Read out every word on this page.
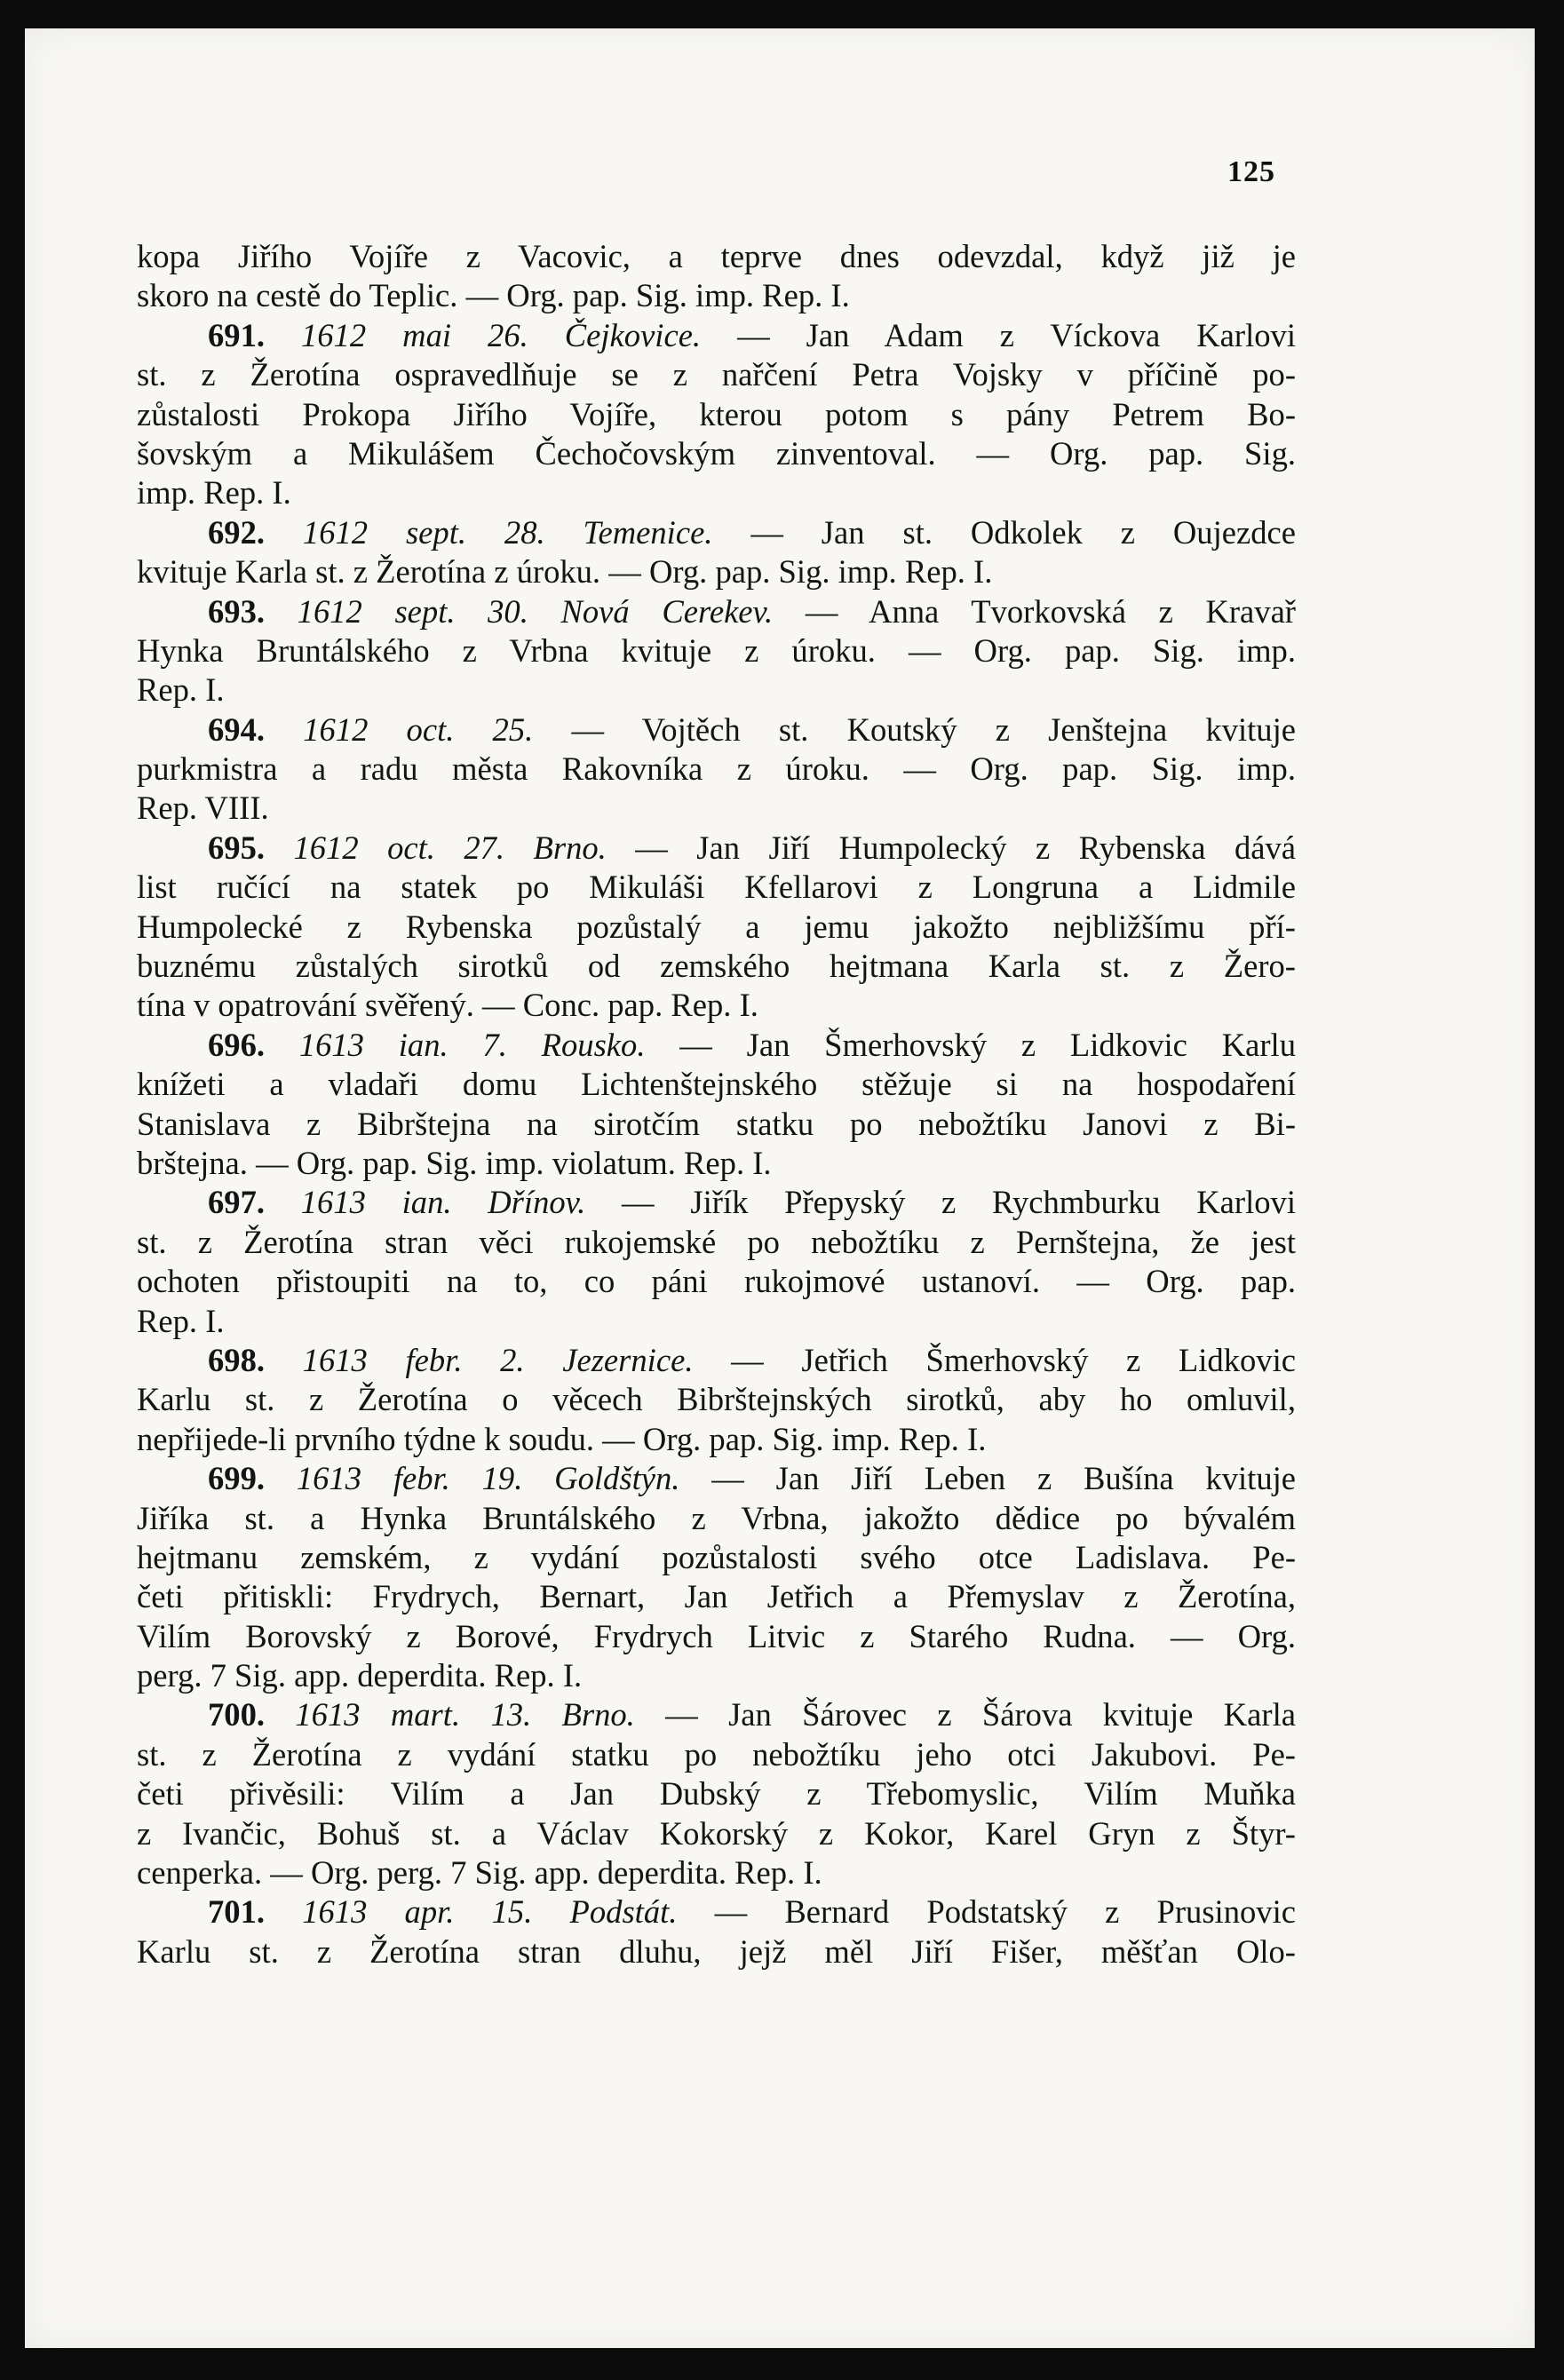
125
kopa Jiřího Vojíře z Vacovic, a teprve dnes odevzdal, když již je
skoro na cestě do Teplic. — Org. pap. Sig. imp. Rep. I.
691. 1612 mai 26. Čejkovice. — Jan Adam z Víckova Karlovi
st. z Žerotína ospravedlňuje se z nařčení Petra Vojsky v příčině po-
zůstalosti Prokopa Jiřího Vojíře, kterou potom s pány Petrem Bo-
šovským a Mikulášem Čechočovským zinventoval. — Org. pap. Sig.
imp. Rep. I.
692. 1612 sept. 28. Temenice. — Jan st. Odkolek z Oujezdce
kvituje Karla st. z Žerotína z úroku. — Org. pap. Sig. imp. Rep. I.
693. 1612 sept. 30. Nová Cerekev. — Anna Tvorkovská z Kravař
Hynka Bruntálského z Vrbna kvituje z úroku. — Org. pap. Sig. imp.
Rep. I.
694. 1612 oct. 25. — Vojtěch st. Koutský z Jenštejna kvituje
purkmistra a radu města Rakovníka z úroku. — Org. pap. Sig. imp.
Rep. VIII.
695. 1612 oct. 27. Brno. — Jan Jiří Humpolecký z Rybenska dává
list ručící na statek po Mikuláši Kfellarovi z Longruna a Lidmile
Humpolecké z Rybenska pozůstalý a jemu jakožto nejbližšímu pří-
buznému zůstalých sirotků od zemského hejtmana Karla st. z Žero-
tína v opatrování svěřený. — Conc. pap. Rep. I.
696. 1613 ian. 7. Rousko. — Jan Šmerhovský z Lidkovic Karlu
knížeti a vladaři domu Lichtenštejnského stěžuje si na hospodaření
Stanislava z Bibrštejna na sirotčím statku po nebožtíku Janovi z Bi-
brštejna. — Org. pap. Sig. imp. violatum. Rep. I.
697. 1613 ian. Dřínov. — Jiřík Přepyský z Rychmburku Karlovi
st. z Žerotína stran věci rukojemské po nebožtíku z Pernštejna, že jest
ochoten přistoupiti na to, co páni rukojmové ustanoví. — Org. pap.
Rep. I.
698. 1613 febr. 2. Jezernice. — Jetřich Šmerhovský z Lidkovic
Karlu st. z Žerotína o věcech Bibrštejnských sirotků, aby ho omluvil,
nepřijede-li prvního týdne k soudu. — Org. pap. Sig. imp. Rep. I.
699. 1613 febr. 19. Goldštýn. — Jan Jiří Leben z Bušína kvituje
Jiříka st. a Hynka Bruntálského z Vrbna, jakožto dědice po bývalém
hejtmanu zemském, z vydání pozůstalosti svého otce Ladislava. Pe-
četi přitiskli: Frydrych, Bernart, Jan Jetřich a Přemyslav z Žerotína,
Vilím Borovský z Borové, Frydrych Litvic z Starého Rudna. — Org.
perg. 7 Sig. app. deperdita. Rep. I.
700. 1613 mart. 13. Brno. — Jan Šárovec z Šárova kvituje Karla
st. z Žerotína z vydání statku po nebožtíku jeho otci Jakubovi. Pe-
četi přivěsili: Vilím a Jan Dubský z Třebomyslic, Vilím Muňka
z Ivančic, Bohuš st. a Václav Kokorský z Kokor, Karel Gryn z Štyr-
cenperka. — Org. perg. 7 Sig. app. deperdita. Rep. I.
701. 1613 apr. 15. Podstát. — Bernard Podstatský z Prusinovic
Karlu st. z Žerotína stran dluhu, jejž měl Jiří Fišer, měšťan Olo-
